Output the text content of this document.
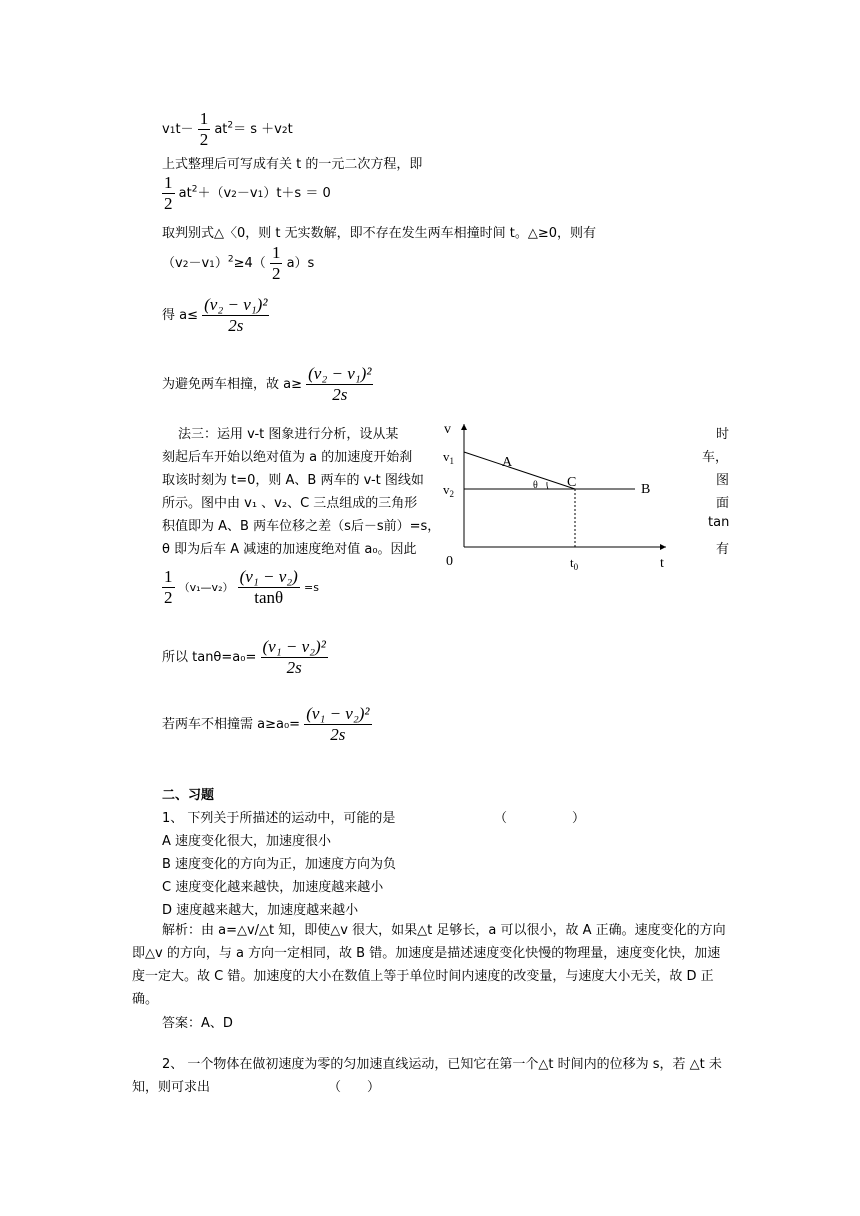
$v1t- \frac{1}{2} at^2= s +v2t$
上式整理后可写成有关 t 的一元二次方程，即
$\frac{1}{2} at^2+(v2-v1)t+s = 0$
取判别式△〈0，则 t 无实数解，即不存在发生两车相撞时间 t。△≥0，则有
$(v2-v1)^2\ge 4( \frac{1}{2} a)s$
得 $a\le \frac{\text{(v₂ − v₁)²}}{2s}$
为避免两车相撞，故 $a\ge \frac{\text{(v₂ − v₁)²}}{2s}$
法三：运用 v-t 图象进行分析，设从某
刻起后车开始以绝对值为 a 的加速度开始刹
取该时刻为 t=0，则 A、B 两车的 v-t 图线如
所示。图中由 v₁ 、v₂、C 三点组成的三角形
积值即为 A、B 两车位移之差（s后－s前）=s，
θ 即为后车 A 减速的加速度绝对值 a₀。因此
时
车，
图
面
tan
有
v
t
0
$v_1$
$v_2$
A
B
C
θ
$t_0$
$\frac{1}{2}$ （v₁—v₂） $\frac{\text{(v₁ − v₂)}}{\tan\theta} =s$
所以 $\tan\theta=a_0= \frac{\text{(v₁ − v₂)²}}{2s}$
若两车不相撞需 $a\ge a_0= \frac{\text{(v₁ − v₂)²}}{2s}$
二、习题
1、 下列关于所描述的运动中，可能的是	（　　　　　）
A 速度变化很大，加速度很小
B 速度变化的方向为正，加速度方向为负
C 速度变化越来越快，加速度越来越小
D 速度越来越大，加速度越来越小
解析：由 a=△v/△t 知，即使△v 很大，如果△t 足够长，a 可以很小，故 A 正确。速度变化的方向即△v 的方向，与 a 方向一定相同，故 B 错。加速度是描述速度变化快慢的物理量，速度变化快，加速度一定大。故 C 错。加速度的大小在数值上等于单位时间内速度的改变量，与速度大小无关，故 D 正确。
答案：A、D
2、 一个物体在做初速度为零的匀加速直线运动，已知它在第一个△t 时间内的位移为 s，若 △t 未知，则可求出	（　　）
